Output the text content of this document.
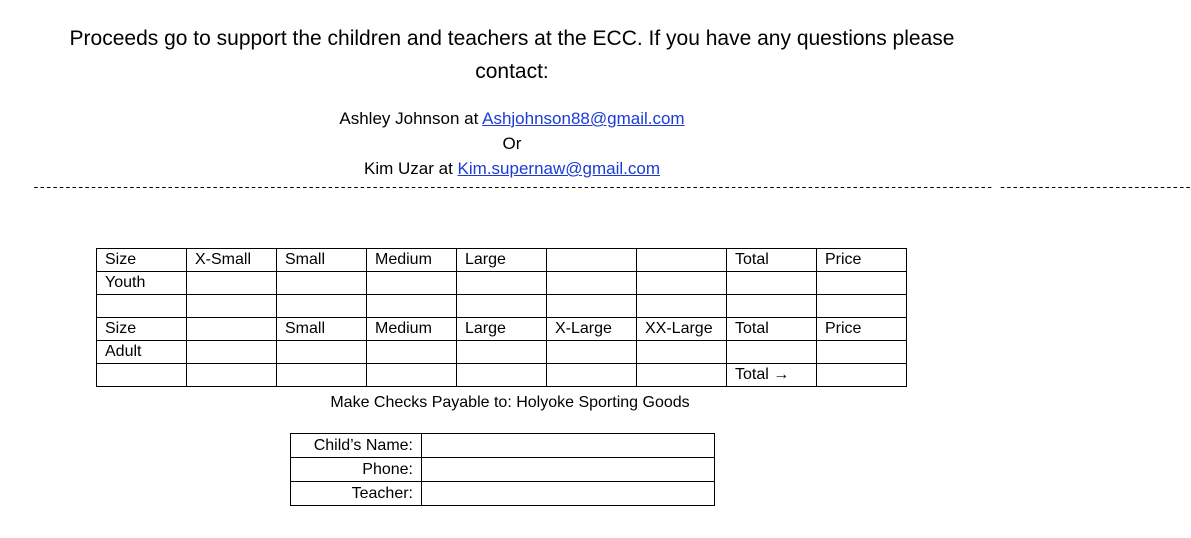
Proceeds go to support the children and teachers at the ECC. If you have any questions please contact:
Ashley Johnson at Ashjohnson88@gmail.com
Or
Kim Uzar at Kim.supernaw@gmail.com
------------------------------------------------------------------------------------------------------------------------------------------------------ ------------------------------
Size	X-Small	Small	Medium	Large			Total	Price
Youth								

Size		Small	Medium	Large	X-Large	XX-Large	Total	Price
Adult								
							Total →	
Make Checks Payable to: Holyoke Sporting Goods
Child’s Name:	
Phone:	
Teacher:	
